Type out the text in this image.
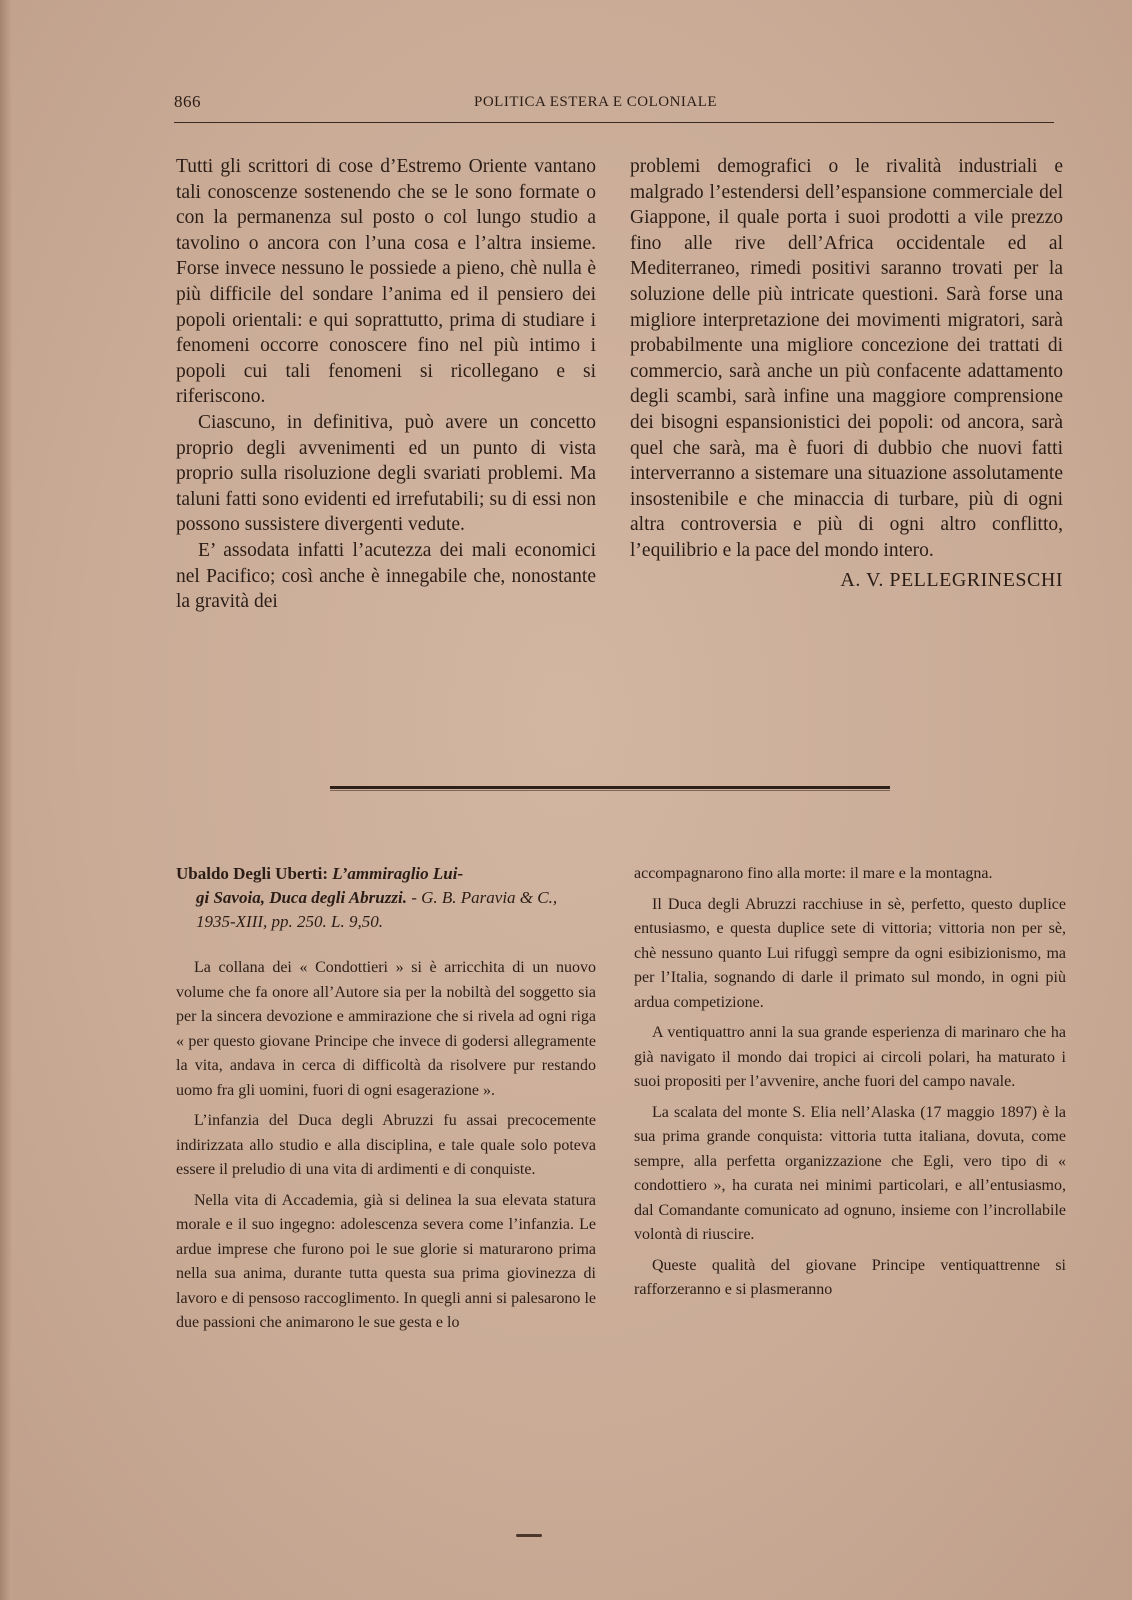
866	POLITICA ESTERA E COLONIALE

Tutti gli scrittori di cose d’Estremo Oriente vantano tali conoscenze sostenendo che se le sono formate o con la permanenza sul posto o col lungo studio a tavolino o ancora con l’una cosa e l’altra insieme. Forse invece nessuno le possiede a pieno, chè nulla è più difficile del sondare l’anima ed il pensiero dei popoli orientali: e qui soprattutto, prima di studiare i fenomeni occorre conoscere fino nel più intimo i popoli cui tali fenomeni si ricollegano e si riferiscono.

Ciascuno, in definitiva, può avere un concetto proprio degli avvenimenti ed un punto di vista proprio sulla risoluzione degli svariati problemi. Ma taluni fatti sono evidenti ed irrefutabili; su di essi non possono sussistere divergenti vedute.

E’ assodata infatti l’acutezza dei mali economici nel Pacifico; così anche è innegabile che, nonostante la gravità dei

problemi demografici o le rivalità industriali e malgrado l’estendersi dell’espansione commerciale del Giappone, il quale porta i suoi prodotti a vile prezzo fino alle rive dell’Africa occidentale ed al Mediterraneo, rimedi positivi saranno trovati per la soluzione delle più intricate questioni. Sarà forse una migliore interpretazione dei movimenti migratori, sarà probabilmente una migliore concezione dei trattati di commercio, sarà anche un più confacente adattamento degli scambi, sarà infine una maggiore comprensione dei bisogni espansionistici dei popoli: od ancora, sarà quel che sarà, ma è fuori di dubbio che nuovi fatti interverranno a sistemare una situazione assolutamente insostenibile e che minaccia di turbare, più di ogni altra controversia e più di ogni altro conflitto, l’equilibrio e la pace del mondo intero.

A. V. PELLEGRINESCHI
Ubaldo Degli Uberti: L’ammiraglio Lui-
gi Savoia, Duca degli Abruzzi. - G. B. Paravia & C., 1935-XIII, pp. 250. L. 9,50.

La collana dei « Condottieri » si è arricchita di un nuovo volume che fa onore all’Autore sia per la nobiltà del soggetto sia per la sincera devozione e ammirazione che si rivela ad ogni riga « per questo giovane Principe che invece di godersi allegramente la vita, andava in cerca di difficoltà da risolvere pur restando uomo fra gli uomini, fuori di ogni esagerazione ».

L’infanzia del Duca degli Abruzzi fu assai precocemente indirizzata allo studio e alla disciplina, e tale quale solo poteva essere il preludio di una vita di ardimenti e di conquiste.

Nella vita di Accademia, già si delinea la sua elevata statura morale e il suo ingegno: adolescenza severa come l’infanzia. Le ardue imprese che furono poi le sue glorie si maturarono prima nella sua anima, durante tutta questa sua prima giovinezza di lavoro e di pensoso raccoglimento. In quegli anni si palesarono le due passioni che animarono le sue gesta e lo

accompagnarono fino alla morte: il mare e la montagna.

Il Duca degli Abruzzi racchiuse in sè, perfetto, questo duplice entusiasmo, e questa duplice sete di vittoria; vittoria non per sè, chè nessuno quanto Lui rifuggì sempre da ogni esibizionismo, ma per l’Italia, sognando di darle il primato sul mondo, in ogni più ardua competizione.

A ventiquattro anni la sua grande esperienza di marinaro che ha già navigato il mondo dai tropici ai circoli polari, ha maturato i suoi propositi per l’avvenire, anche fuori del campo navale.

La scalata del monte S. Elia nell’Alaska (17 maggio 1897) è la sua prima grande conquista: vittoria tutta italiana, dovuta, come sempre, alla perfetta organizzazione che Egli, vero tipo di « condottiero », ha curata nei minimi particolari, e all’entusiasmo, dal Comandante comunicato ad ognuno, insieme con l’incrollabile volontà di riuscire.

Queste qualità del giovane Principe ventiquattrenne si rafforzeranno e si plasmeranno
